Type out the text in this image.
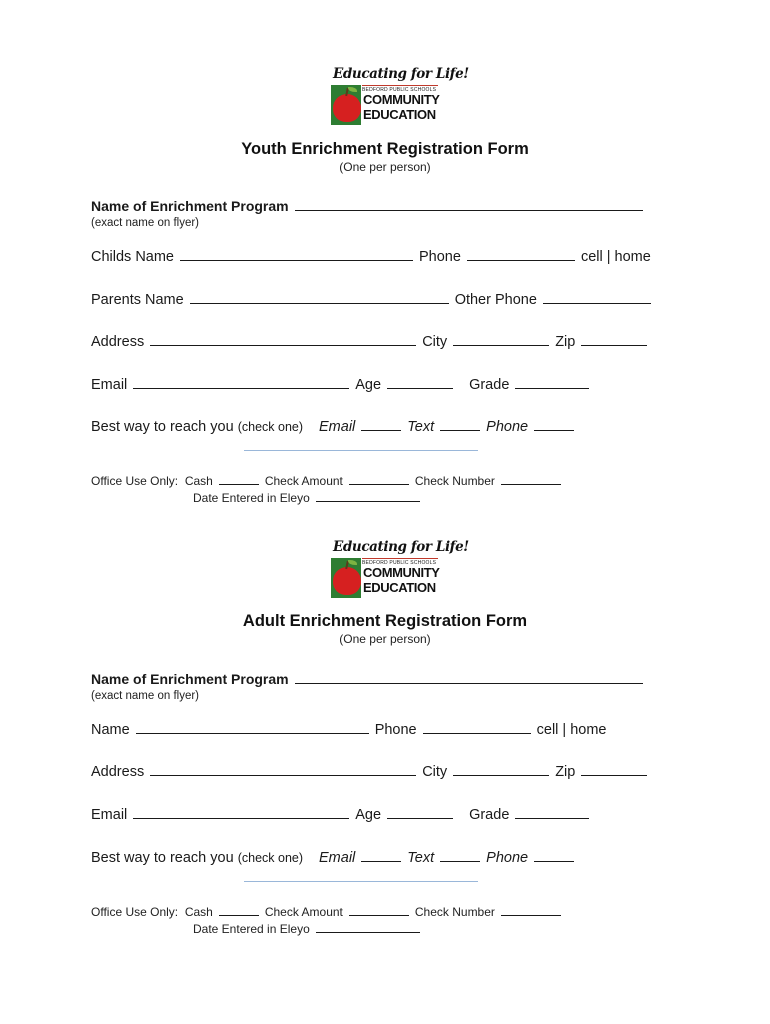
Educating for Life!
BEDFORD PUBLIC SCHOOLS
COMMUNITY
EDUCATION
Youth Enrichment Registration Form
(One per person)
Name of Enrichment Program
(exact name on flyer)
Childs Name	Phone	cell | home
Parents Name	Other Phone
Address	City	Zip
Email	Age	Grade
Best way to reach you (check one) Email	Text	Phone
Office Use Only: Cash	Check Amount	Check Number
Date Entered in Eleyo
Educating for Life!
BEDFORD PUBLIC SCHOOLS
COMMUNITY
EDUCATION
Adult Enrichment Registration Form
(One per person)
Name of Enrichment Program
(exact name on flyer)
Name	Phone	cell | home
Address	City	Zip
Email	Age	Grade
Best way to reach you (check one) Email	Text	Phone
Office Use Only: Cash	Check Amount	Check Number
Date Entered in Eleyo
